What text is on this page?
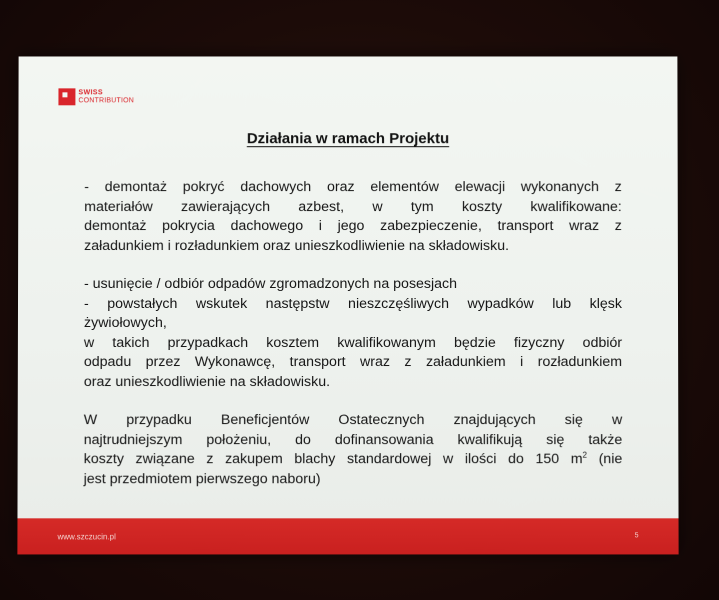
SWISS
CONTRIBUTION
Działania w ramach Projektu
- demontaż pokryć dachowych oraz elementów elewacji wykonanych z
materiałów zawierających azbest, w tym koszty kwalifikowane:
demontaż pokrycia dachowego i jego zabezpieczenie, transport wraz z
załadunkiem i rozładunkiem oraz unieszkodliwienie na składowisku.
- usunięcie / odbiór odpadów zgromadzonych na posesjach
- powstałych wskutek następstw nieszczęśliwych wypadków lub klęsk
żywiołowych,
w takich przypadkach kosztem kwalifikowanym będzie fizyczny odbiór
odpadu przez Wykonawcę, transport wraz z załadunkiem i rozładunkiem
oraz unieszkodliwienie na składowisku.
W przypadku Beneficjentów Ostatecznych znajdujących się w
najtrudniejszym położeniu, do dofinansowania kwalifikują się także
koszty związane z zakupem blachy standardowej w ilości do 150 $m^2$ (nie
jest przedmiotem pierwszego naboru)
www.szczucin.pl	5
